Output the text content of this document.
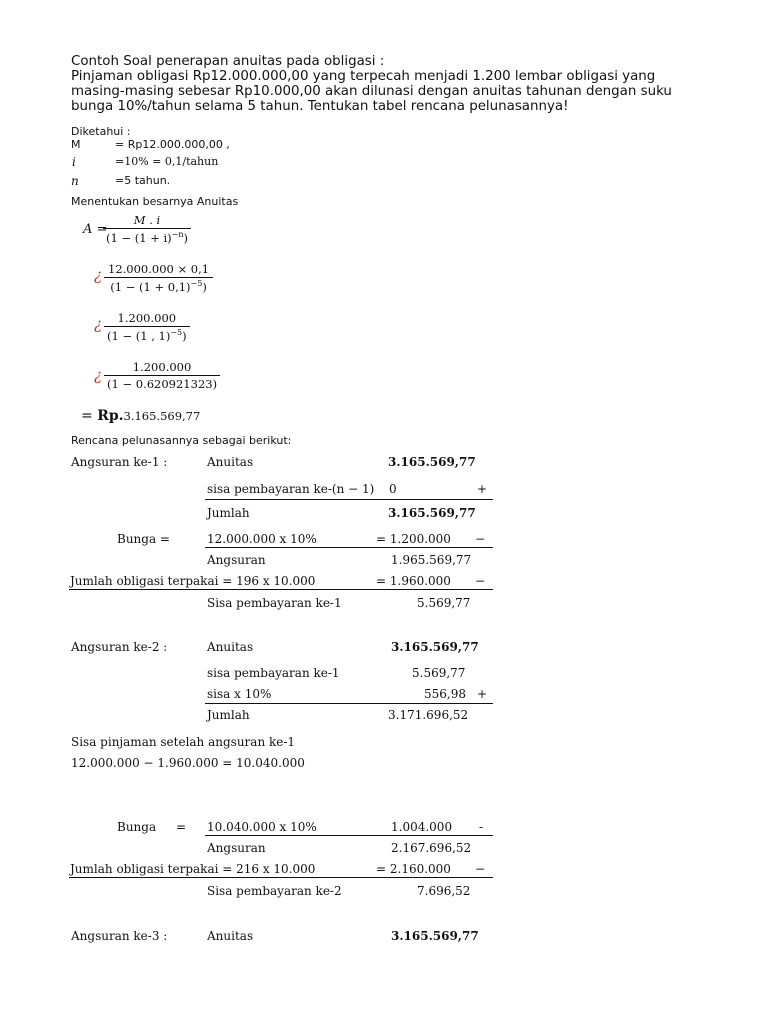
Contoh Soal penerapan anuitas pada obligasi :
Pinjaman obligasi Rp12.000.000,00 yang terpecah menjadi 1.200 lembar obligasi yang
masing-masing sebesar Rp10.000,00 akan dilunasi dengan anuitas tahunan dengan suku
bunga 10%/tahun selama 5 tahun. Tentukan tabel rencana pelunasannya!
Diketahui :
M	= Rp12.000.000,00 ,
i	=10% = 0,1/tahun
n	=5 tahun.
Menentukan besarnya Anuitas
A =
M . i
$(1 - (1 + i)^{-n})$
¿ 12.000.000 × 0,1
$(1 - (1 + 0,1)^{-5})$
¿	1.200.000
(1 − (1 , 1)$^{-5}$)
¿	1.200.000
(1 − 0.620921323)
= Rp.3.165.569,77
Rencana pelunasannya sebagai berikut:
Angsuran ke-1 :	Anuitas	3.165.569,77
sisa pembayaran ke-(n − 1) 0	+
Jumlah	3.165.569,77
Bunga =	12.000.000 x 10%	= 1.200.000 −
Angsuran	1.965.569,77
Jumlah obligasi terpakai = 196 x 10.000	= 1.960.000 −
Sisa pembayaran ke-1	5.569,77
Angsuran ke-2 :	Anuitas	3.165.569,77
sisa pembayaran ke-1	5.569,77
sisa x 10%	556,98 +
Jumlah	3.171.696,52
Sisa pinjaman setelah angsuran ke-1
12.000.000 − 1.960.000 = 10.040.000
Bunga = 10.040.000 x 10%	1.004.000 -
Angsuran	2.167.696,52
Jumlah obligasi terpakai = 216 x 10.000	= 2.160.000 −
Sisa pembayaran ke-2	7.696,52
Angsuran ke-3 :	Anuitas	3.165.569,77
